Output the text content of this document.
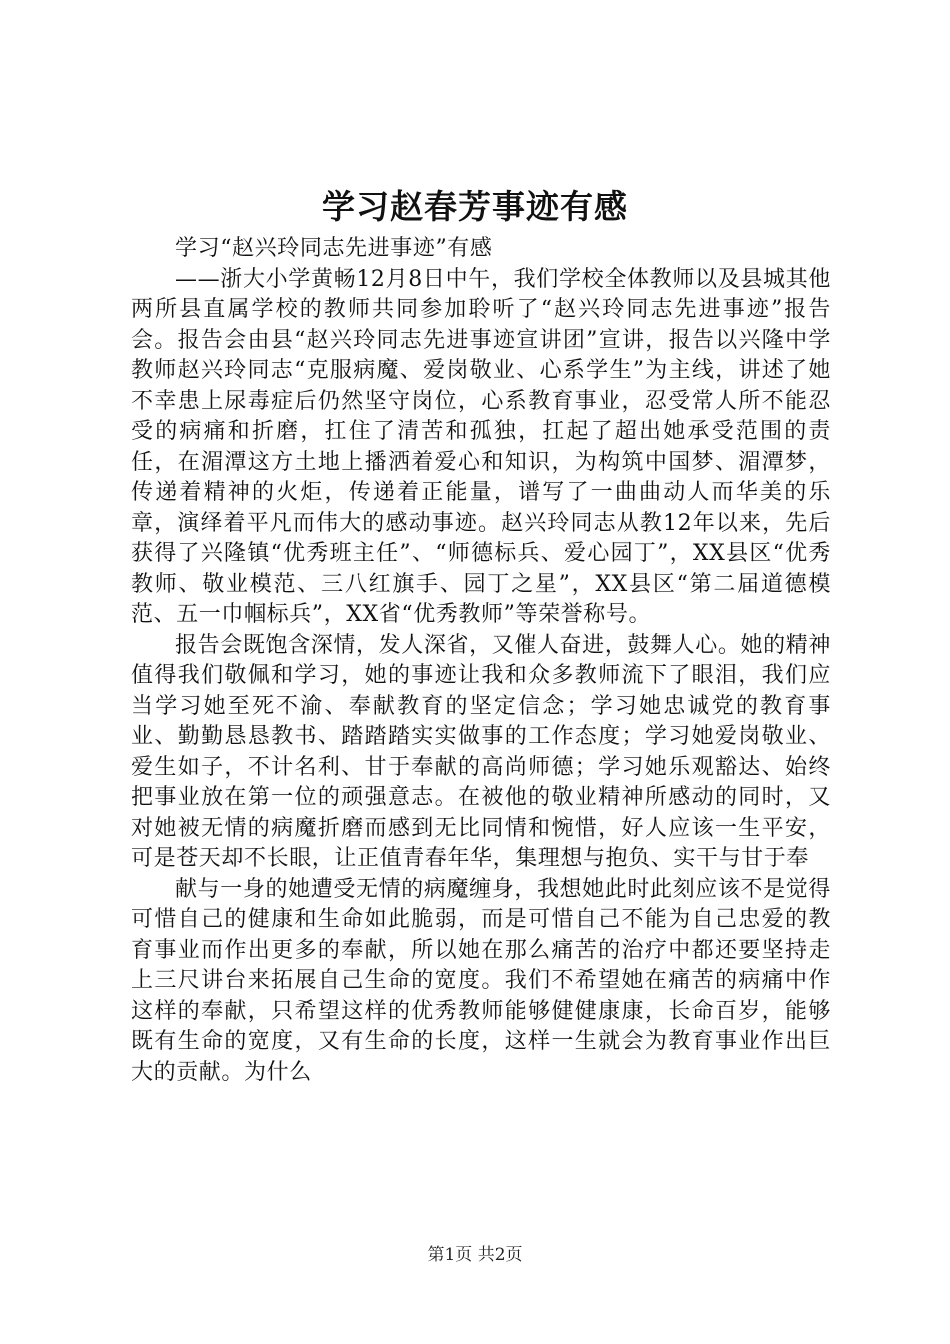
学习赵春芳事迹有感

学习“赵兴玲同志先进事迹”有感

——浙大小学黄畅12月8日中午，我们学校全体教师以及县城其他两所县直属学校的教师共同参加聆听了“赵兴玲同志先进事迹”报告会。报告会由县“赵兴玲同志先进事迹宣讲团”宣讲，报告以兴隆中学教师赵兴玲同志“克服病魔、爱岗敬业、心系学生”为主线，讲述了她不幸患上尿毒症后仍然坚守岗位，心系教育事业，忍受常人所不能忍受的病痛和折磨，扛住了清苦和孤独，扛起了超出她承受范围的责任，在湄潭这方土地上播洒着爱心和知识，为构筑中国梦、湄潭梦，传递着精神的火炬，传递着正能量，谱写了一曲曲动人而华美的乐章，演绎着平凡而伟大的感动事迹。赵兴玲同志从教12年以来，先后获得了兴隆镇“优秀班主任”、“师德标兵、爱心园丁”，XX县区“优秀教师、敬业模范、三八红旗手、园丁之星”，XX县区“第二届道德模范、五一巾帼标兵”，XX省“优秀教师”等荣誉称号。

报告会既饱含深情，发人深省，又催人奋进，鼓舞人心。她的精神值得我们敬佩和学习，她的事迹让我和众多教师流下了眼泪，我们应当学习她至死不渝、奉献教育的坚定信念；学习她忠诚党的教育事业、勤勤恳恳教书、踏踏踏实实做事的工作态度；学习她爱岗敬业、爱生如子，不计名利、甘于奉献的高尚师德；学习她乐观豁达、始终把事业放在第一位的顽强意志。在被他的敬业精神所感动的同时，又对她被无情的病魔折磨而感到无比同情和惋惜，好人应该一生平安，可是苍天却不长眼，让正值青春年华，集理想与抱负、实干与甘于奉

献与一身的她遭受无情的病魔缠身，我想她此时此刻应该不是觉得可惜自己的健康和生命如此脆弱，而是可惜自己不能为自己忠爱的教育事业而作出更多的奉献，所以她在那么痛苦的治疗中都还要坚持走上三尺讲台来拓展自己生命的宽度。我们不希望她在痛苦的病痛中作这样的奉献，只希望这样的优秀教师能够健健康康，长命百岁，能够既有生命的宽度，又有生命的长度，这样一生就会为教育事业作出巨大的贡献。为什么

第1页 共2页
